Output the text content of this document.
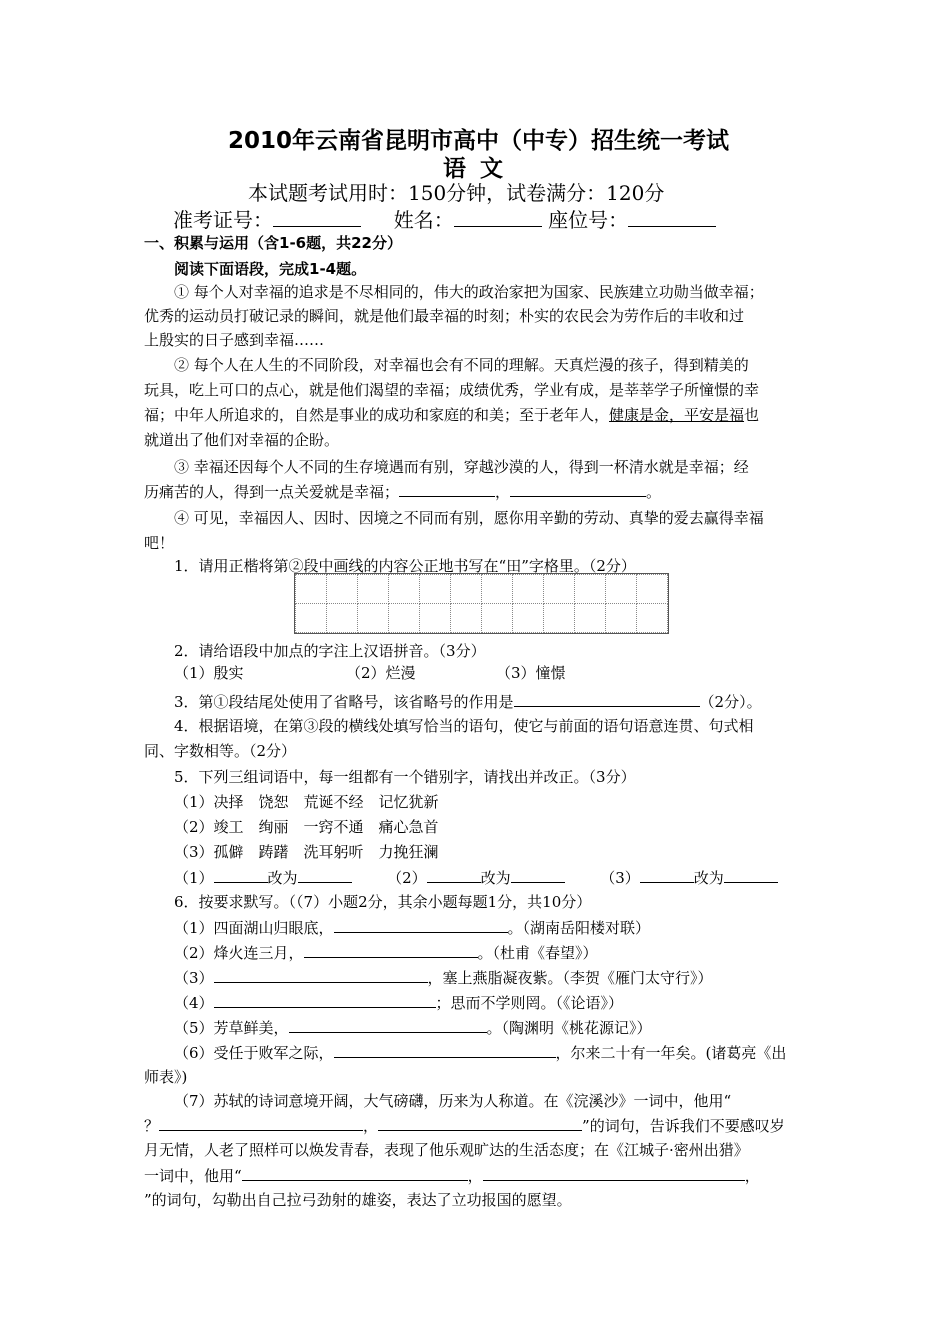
2010年云南省昆明市高中（中专）招生统一考试
语文
本试题考试用时：150分钟，试卷满分：120分
准考证号：	姓名：	座位号：
一、积累与运用（含1-6题，共22分）
阅读下面语段，完成1-4题。
① 每个人对幸福的追求是不尽相同的，伟大的政治家把为国家、民族建立功勋当做幸福；
优秀的运动员打破记录的瞬间，就是他们最幸福的时刻；朴实的农民会为劳作后的丰收和过
上殷实的日子感到幸福……
② 每个人在人生的不同阶段，对幸福也会有不同的理解。天真烂漫的孩子，得到精美的
玩具，吃上可口的点心，就是他们渴望的幸福；成绩优秀，学业有成，是莘莘学子所憧憬的幸
福；中年人所追求的，自然是事业的成功和家庭的和美；至于老年人，健康是金，平安是福也
就道出了他们对幸福的企盼。
③ 幸福还因每个人不同的生存境遇而有别，穿越沙漠的人，得到一杯清水就是幸福；经
历痛苦的人，得到一点关爱就是幸福；	，	。
④ 可见，幸福因人、因时、因境之不同而有别，愿你用辛勤的劳动、真挚的爱去赢得幸福
吧！
1．请用正楷将第②段中画线的内容公正地书写在“田”字格里。（2分）

2．请给语段中加点的字注上汉语拼音。（3分）
（1）殷实	（2）烂漫	（3）憧憬
3．第①段结尾处使用了省略号，该省略号的作用是	（2分）。
4．根据语境，在第③段的横线处填写恰当的语句，使它与前面的语句语意连贯、句式相
同、字数相等。（2分）
5．下列三组词语中，每一组都有一个错别字，请找出并改正。（3分）
（1）决择　饶恕　荒诞不经　记忆犹新
（2）竣工　绚丽　一窍不通　痛心急首
（3）孤僻　踌躇　洗耳躬听　力挽狂澜
（1）	改为	（2）	改为	（3）	改为
6．按要求默写。（（7）小题2分，其余小题每题1分，共10分）
（1）四面湖山归眼底，	。（湖南岳阳楼对联）
（2）烽火连三月，	。（杜甫《春望》）
（3）	，塞上燕脂凝夜紫。（李贺《雁门太守行》）
（4）	；思而不学则罔。（《论语》）
（5）芳草鲜美，	。（陶渊明《桃花源记》）
（6）受任于败军之际，	，尔来二十有一年矣。(诸葛亮《出
师表》)
（7）苏轼的诗词意境开阔，大气磅礴，历来为人称道。在《浣溪沙》一词中，他用“
？	，	”的词句，告诉我们不要感叹岁
月无情，人老了照样可以焕发青春，表现了他乐观旷达的生活态度；在《江城子·密州出猎》
一词中，他用“	，	，
”的词句，勾勒出自己拉弓劲射的雄姿，表达了立功报国的愿望。
